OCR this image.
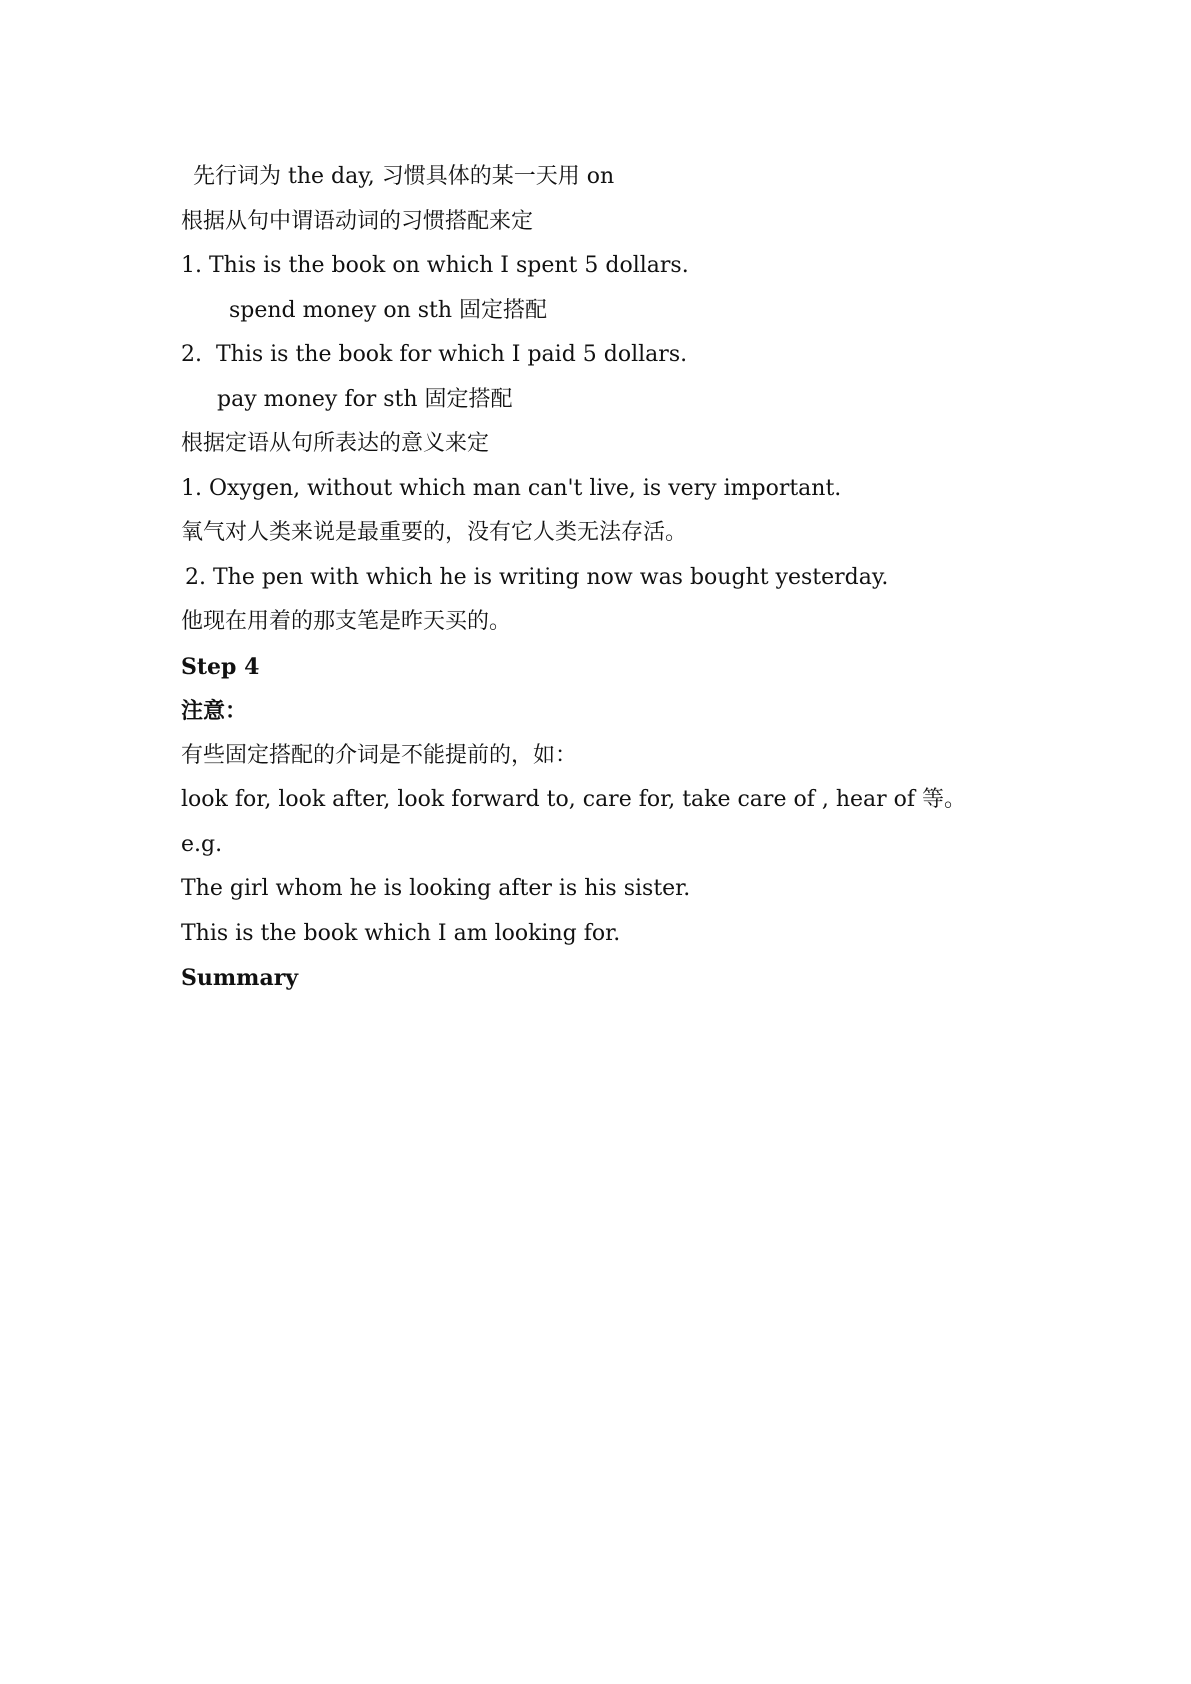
先行词为 the day, 习惯具体的某一天用 on
根据从句中谓语动词的习惯搭配来定
1. This is the book on which I spent 5 dollars.
spend money on sth 固定搭配
2.  This is the book for which I paid 5 dollars.
pay money for sth 固定搭配
根据定语从句所表达的意义来定
1. Oxygen, without which man can't live, is very important.
氧气对人类来说是最重要的，没有它人类无法存活。
2. The pen with which he is writing now was bought yesterday.
他现在用着的那支笔是昨天买的。
Step 4
注意：
有些固定搭配的介词是不能提前的，如：
look for, look after, look forward to, care for, take care of , hear of 等。
e.g.
The girl whom he is looking after is his sister.
This is the book which I am looking for.
Summary
